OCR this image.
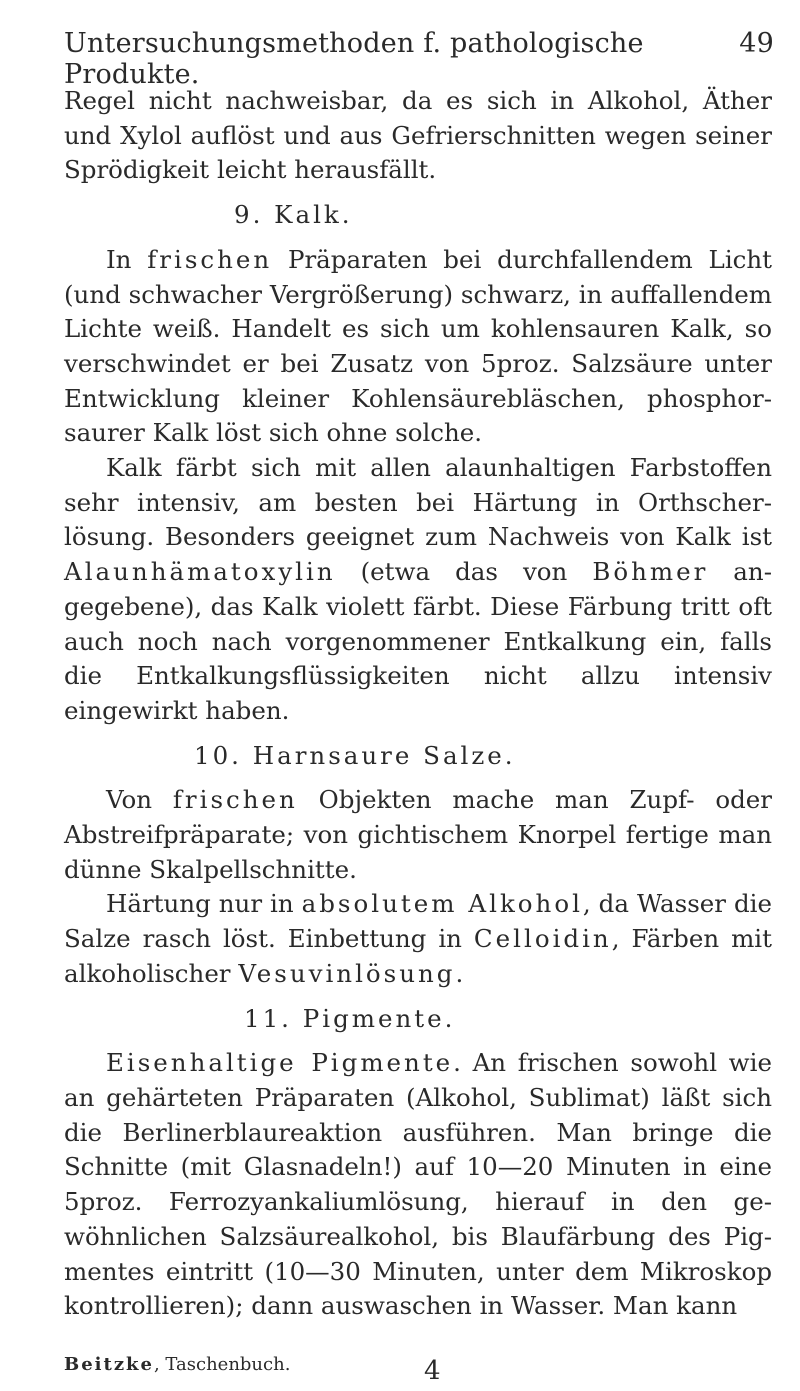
Untersuchungsmethoden f. pathologische Produkte.
49

Regel nicht nachweisbar, da es sich in Alkohol, Äther und Xylol auflöst und aus Gefrierschnitten wegen seiner Sprödigkeit leicht herausfällt.

9. Kalk.

In frischen Präparaten bei durchfallendem Licht (und schwacher Vergrößerung) schwarz, in auffallendem Lichte weiß. Handelt es sich um kohlensauren Kalk, so verschwindet er bei Zusatz von 5proz. Salzsäure unter Entwicklung kleiner Kohlensäurebläschen, phosphorsaurer Kalk löst sich ohne solche.

Kalk färbt sich mit allen alaunhaltigen Farbstoffen sehr intensiv, am besten bei Härtung in Orthscherlösung. Besonders geeignet zum Nachweis von Kalk ist Alaunhämatoxylin (etwa das von Böhmer angegebene), das Kalk violett färbt. Diese Färbung tritt oft auch noch nach vorgenommener Entkalkung ein, falls die Entkalkungsflüssigkeiten nicht allzu intensiv eingewirkt haben.

10. Harnsaure Salze.

Von frischen Objekten mache man Zupf- oder Abstreifpräparate; von gichtischem Knorpel fertige man dünne Skalpellschnitte.

Härtung nur in absolutem Alkohol, da Wasser die Salze rasch löst. Einbettung in Celloidin, Färben mit alkoholischer Vesuvinlösung.

11. Pigmente.

Eisenhaltige Pigmente. An frischen sowohl wie an gehärteten Präparaten (Alkohol, Sublimat) läßt sich die Berlinerblaureaktion ausführen. Man bringe die Schnitte (mit Glasnadeln!) auf 10—20 Minuten in eine 5proz. Ferrozyankaliumlösung, hierauf in den gewöhnlichen Salzsäurealkohol, bis Blaufärbung des Pigmentes eintritt (10—30 Minuten, unter dem Mikroskop kontrollieren); dann auswaschen in Wasser. Man kann

Beitzke, Taschenbuch.	4
